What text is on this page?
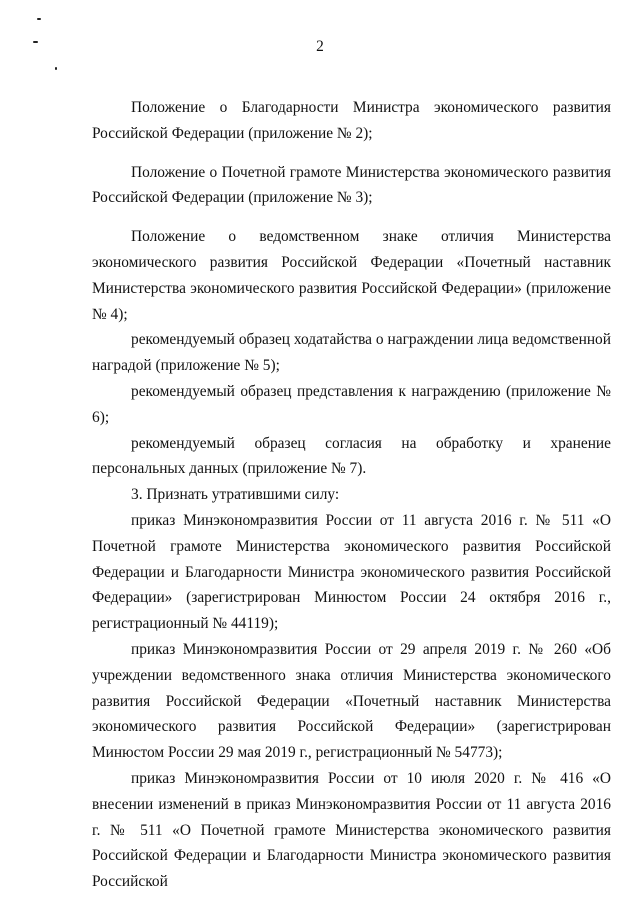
2

Положение о Благодарности Министра экономического развития Российской Федерации (приложение № 2);

Положение о Почетной грамоте Министерства экономического развития Российской Федерации (приложение № 3);

Положение о ведомственном знаке отличия Министерства экономического развития Российской Федерации «Почетный наставник Министерства экономического развития Российской Федерации» (приложение № 4);

рекомендуемый образец ходатайства о награждении лица ведомственной наградой (приложение № 5);

рекомендуемый образец представления к награждению (приложение № 6);

рекомендуемый образец согласия на обработку и хранение персональных данных (приложение № 7).

3. Признать утратившими силу:

приказ Минэкономразвития России от 11 августа 2016 г. № 511 «О Почетной грамоте Министерства экономического развития Российской Федерации и Благодарности Министра экономического развития Российской Федерации» (зарегистрирован Минюстом России 24 октября 2016 г., регистрационный № 44119);

приказ Минэкономразвития России от 29 апреля 2019 г. № 260 «Об учреждении ведомственного знака отличия Министерства экономического развития Российской Федерации «Почетный наставник Министерства экономического развития Российской Федерации» (зарегистрирован Минюстом России 29 мая 2019 г., регистрационный № 54773);

приказ Минэкономразвития России от 10 июля 2020 г. № 416 «О внесении изменений в приказ Минэкономразвития России от 11 августа 2016 г. № 511 «О Почетной грамоте Министерства экономического развития Российской Федерации и Благодарности Министра экономического развития Российской
